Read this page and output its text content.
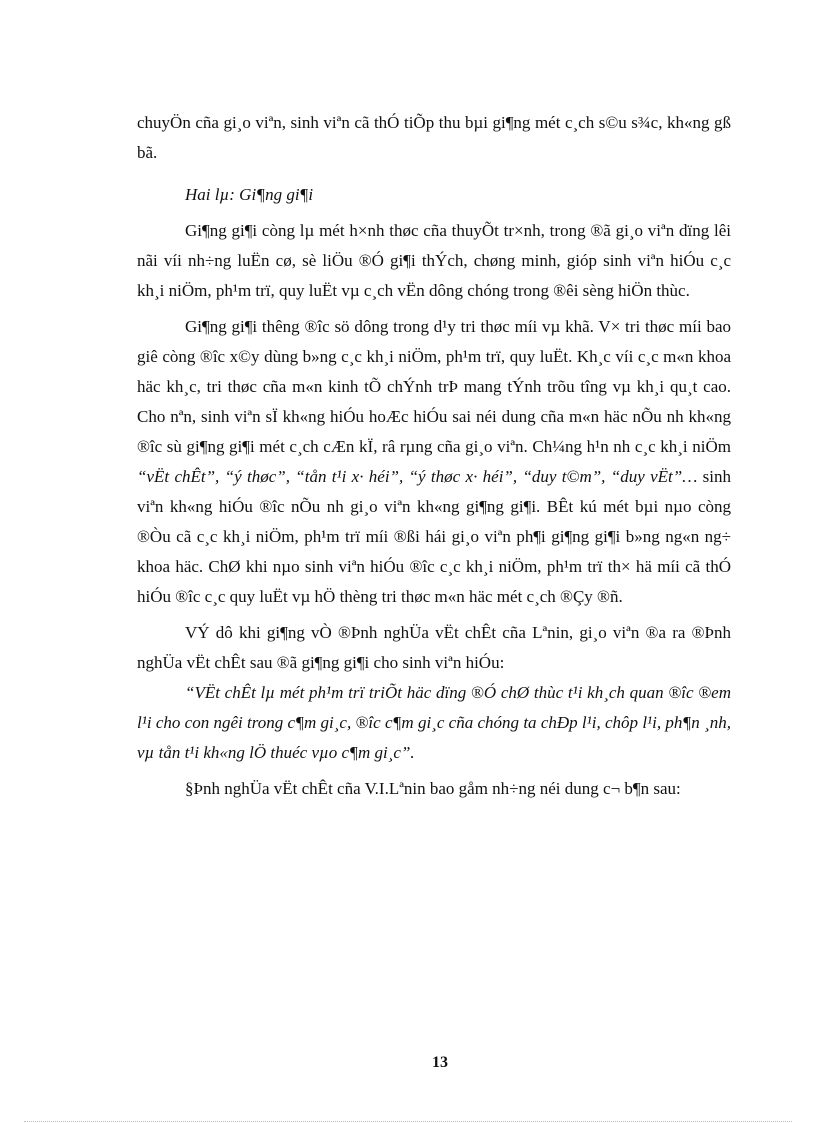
chuyÖn cña gi¸o viªn, sinh viªn cã thÓ tiÕp thu bµi gi¶ng mét c¸ch s©u s¾c, kh«ng gß bã.

Hai lµ: Gi¶ng gi¶i

Gi¶ng gi¶i còng lµ mét h×nh thøc cña thuyÕt tr×nh, trong ®ã gi¸o viªn dïng lêi nãi víi nh÷ng luËn cø, sè liÖu ®Ó gi¶i thÝch, chøng minh, gióp sinh viªn hiÓu c¸c kh¸i niÖm, ph¹m trï, quy luËt vµ c¸ch vËn dông chóng trong ®êi sèng hiÖn thùc.

Gi¶ng gi¶i thêng ®îc sö dông trong d¹y tri thøc míi vµ khã. V× tri thøc míi bao giê còng ®îc x©y dùng b»ng c¸c kh¸i niÖm, ph¹m trï, quy luËt. Kh¸c víi c¸c m«n khoa häc kh¸c, tri thøc cña m«n kinh tÕ chÝnh trÞ mang tÝnh trõu tîng vµ kh¸i qu¸t cao. Cho nªn, sinh viªn sÏ kh«ng hiÓu hoÆc hiÓu sai néi dung cña m«n häc nÕu nh kh«ng ®îc sù gi¶ng gi¶i mét c¸ch cÆn kÏ, râ rµng cña gi¸o viªn. Ch¼ng h¹n nh c¸c kh¸i niÖm “vËt chÊt”, “ý thøc”, “tån t¹i x· héi”, “ý thøc x· héi”, “duy t©m”, “duy vËt”… sinh viªn kh«ng hiÓu ®îc nÕu nh gi¸o viªn kh«ng gi¶ng gi¶i. BÊt kú mét bµi nµo còng ®Òu cã c¸c kh¸i niÖm, ph¹m trï míi ®ßi hái gi¸o viªn ph¶i gi¶ng gi¶i b»ng ng«n ng÷ khoa häc. ChØ khi nµo sinh viªn hiÓu ®îc c¸c kh¸i niÖm, ph¹m trï th× hä míi cã thÓ hiÓu ®îc c¸c quy luËt vµ hÖ thèng tri thøc m«n häc mét c¸ch ®Çy ®ñ.

VÝ dô khi gi¶ng vÒ ®Þnh nghÜa vËt chÊt cña Lªnin, gi¸o viªn ®a ra ®Þnh nghÜa vËt chÊt sau ®ã gi¶ng gi¶i cho sinh viªn hiÓu:

“VËt chÊt lµ mét ph¹m trï triÕt häc dïng ®Ó chØ thùc t¹i kh¸ch quan ®îc ®em l¹i cho con ngêi trong c¶m gi¸c, ®îc c¶m gi¸c cña chóng ta chÐp l¹i, chôp l¹i, ph¶n ¸nh, vµ tån t¹i kh«ng lÖ thuéc vµo c¶m gi¸c”.

§Þnh nghÜa vËt chÊt cña V.I.Lªnin bao gåm nh÷ng néi dung c¬ b¶n sau:

13
